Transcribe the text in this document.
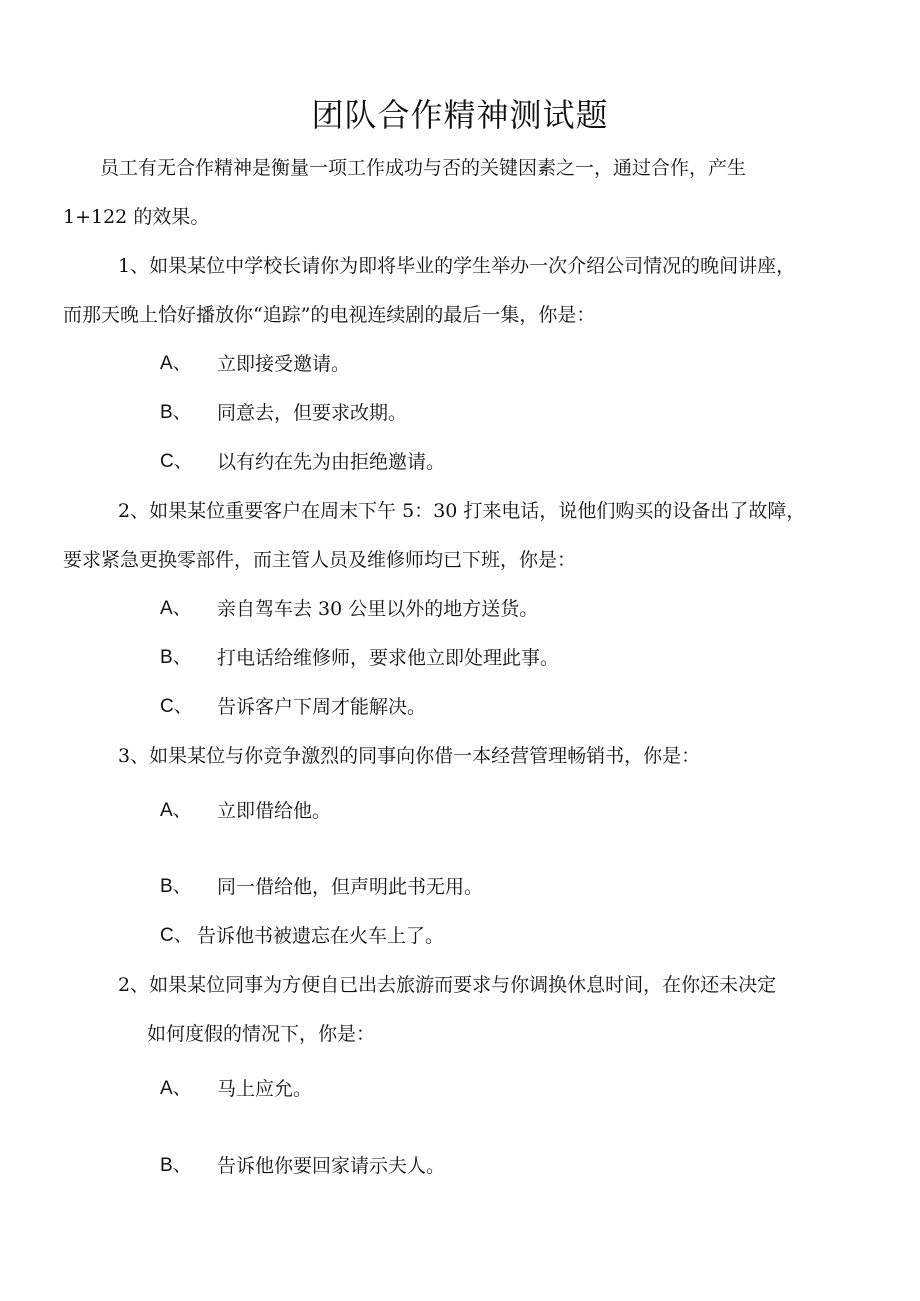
团队合作精神测试题
员工有无合作精神是衡量一项工作成功与否的关键因素之一，通过合作，产生
1+122 的效果。
1、如果某位中学校长请你为即将毕业的学生举办一次介绍公司情况的晚间讲座，
而那天晚上恰好播放你“追踪”的电视连续剧的最后一集，你是：
A、 立即接受邀请。
B、 同意去，但要求改期。
C、 以有约在先为由拒绝邀请。
2、如果某位重要客户在周末下午 5：30 打来电话，说他们购买的设备出了故障，
要求紧急更换零部件，而主管人员及维修师均已下班，你是：
A、 亲自驾车去 30 公里以外的地方送货。
B、 打电话给维修师，要求他立即处理此事。
C、 告诉客户下周才能解决。
3、如果某位与你竞争激烈的同事向你借一本经营管理畅销书，你是：
A、 立即借给他。
B、 同一借给他，但声明此书无用。
C、 告诉他书被遗忘在火车上了。
2、如果某位同事为方便自已出去旅游而要求与你调换休息时间，在你还未决定
如何度假的情况下，你是：
A、 马上应允。
B、 告诉他你要回家请示夫人。
